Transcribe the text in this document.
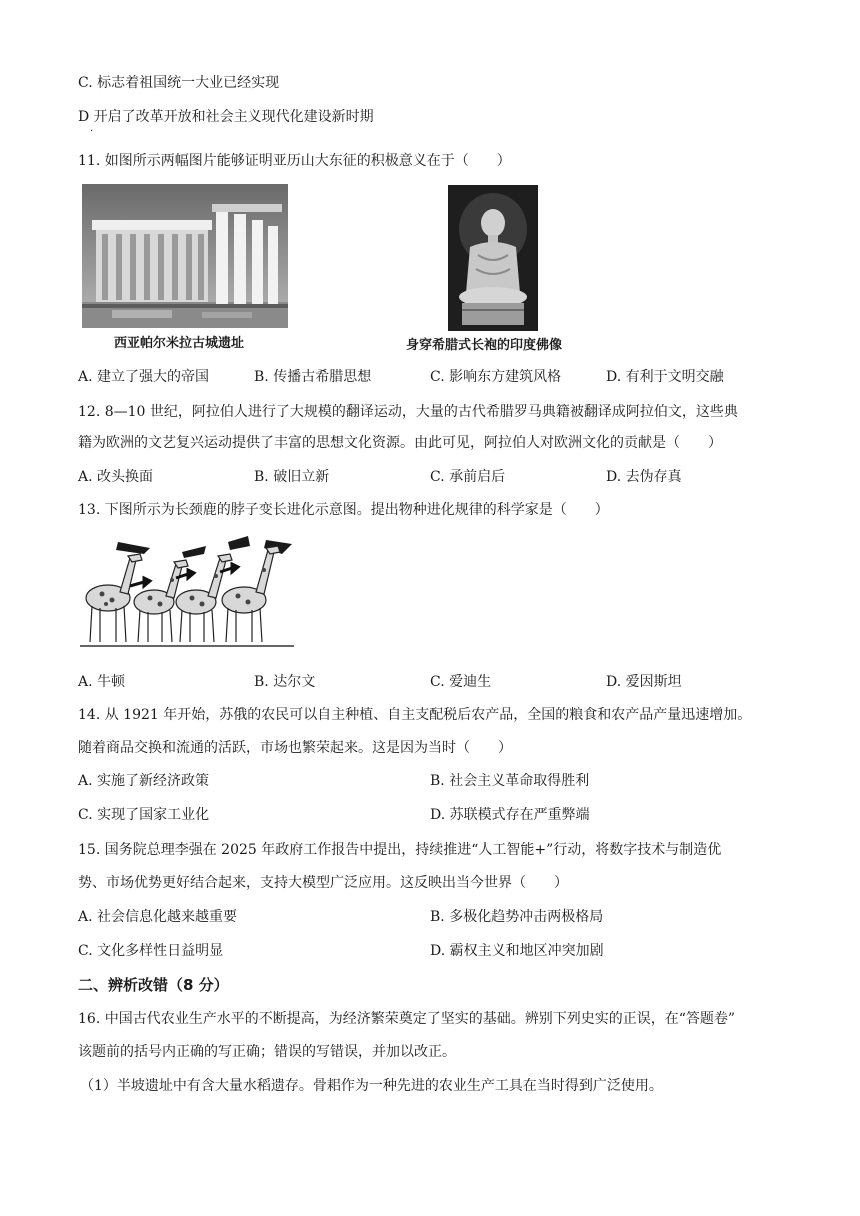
C. 标志着祖国统一大业已经实现
D 开启了改革开放和社会主义现代化建设新时期
·
11. 如图所示两幅图片能够证明亚历山大东征的积极意义在于（　　）
西亚帕尔米拉古城遗址	身穿希腊式长袍的印度佛像
A. 建立了强大的帝国	B. 传播古希腊思想	C. 影响东方建筑风格	D. 有利于文明交融
12. 8—10 世纪，阿拉伯人进行了大规模的翻译运动，大量的古代希腊罗马典籍被翻译成阿拉伯文，这些典
籍为欧洲的文艺复兴运动提供了丰富的思想文化资源。由此可见，阿拉伯人对欧洲文化的贡献是（　　）
A. 改头换面	B. 破旧立新	C. 承前启后	D. 去伪存真
13. 下图所示为长颈鹿的脖子变长进化示意图。提出物种进化规律的科学家是（　　）
A. 牛顿	B. 达尔文	C. 爱迪生	D. 爱因斯坦
14. 从 1921 年开始，苏俄的农民可以自主种植、自主支配税后农产品，全国的粮食和农产品产量迅速增加。
随着商品交换和流通的活跃，市场也繁荣起来。这是因为当时（　　）
A. 实施了新经济政策	B. 社会主义革命取得胜利
C. 实现了国家工业化	D. 苏联模式存在严重弊端
15. 国务院总理李强在 2025 年政府工作报告中提出，持续推进“人工智能+”行动，将数字技术与制造优
势、市场优势更好结合起来，支持大模型广泛应用。这反映出当今世界（　　）
A. 社会信息化越来越重要	B. 多极化趋势冲击两极格局
C. 文化多样性日益明显	D. 霸权主义和地区冲突加剧
二、辨析改错（8 分）
16. 中国古代农业生产水平的不断提高，为经济繁荣奠定了坚实的基础。辨别下列史实的正误，在“答题卷”
该题前的括号内正确的写正确；错误的写错误，并加以改正。
（1）半坡遗址中有含大量水稻遗存。骨耜作为一种先进的农业生产工具在当时得到广泛使用。
